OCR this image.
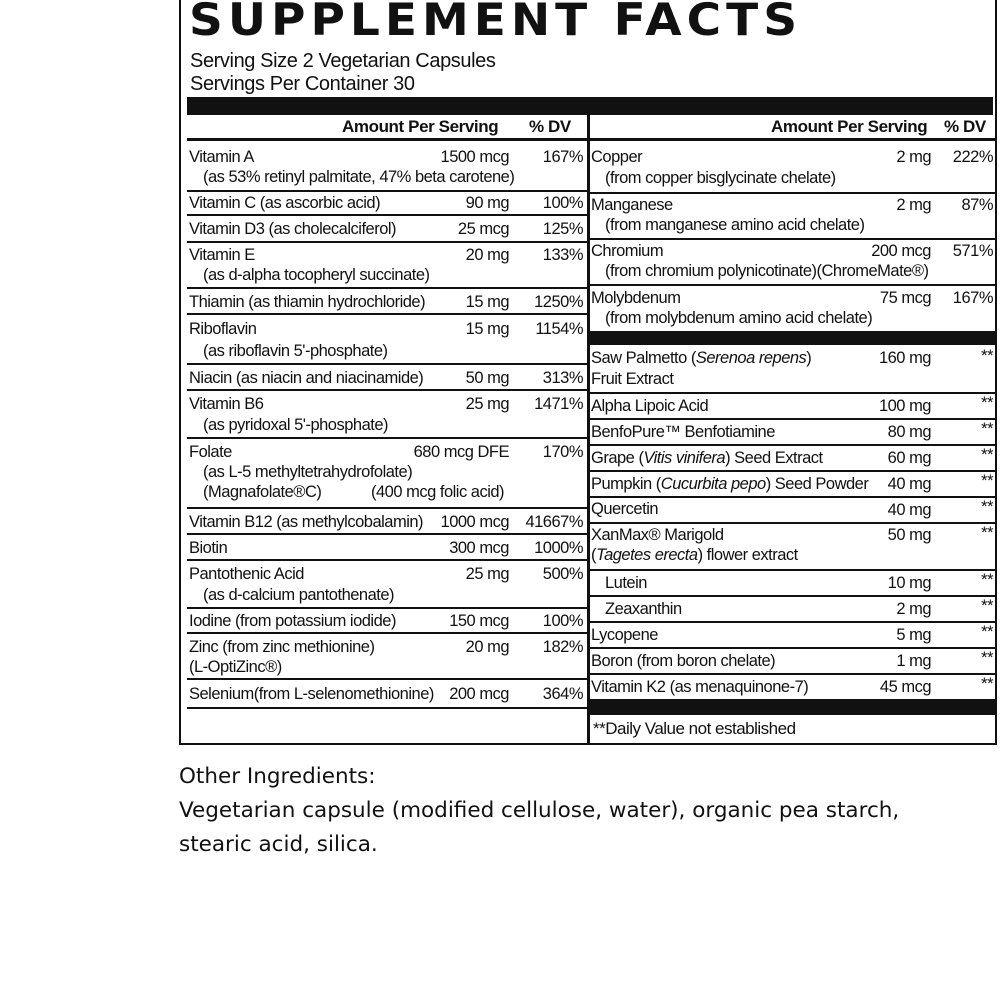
SUPPLEMENT FACTS
Serving Size 2 Vegetarian Capsules
Servings Per Container 30
Amount Per Serving % DV
Vitamin A	1500 mcg 167%
(as 53% retinyl palmitate, 47% beta carotene)
Vitamin C (as ascorbic acid)	90 mg 100%
Vitamin D3 (as cholecalciferol)	25 mcg 125%
Vitamin E	20 mg 133%
(as d-alpha tocopheryl succinate)
Thiamin (as thiamin hydrochloride) 15 mg 1250%
Riboflavin	15 mg 1154%
(as riboflavin 5'-phosphate)
Niacin (as niacin and niacinamide)	50 mg 313%
Vitamin B6	25 mg 1471%
(as pyridoxal 5'-phosphate)
Folate	680 mcg DFE 170%
(as L-5 methyltetrahydrofolate)
(Magnafolate®C)	(400 mcg folic acid)
Vitamin B12 (as methylcobalamin) 1000 mcg 41667%
Biotin	300 mcg 1000%
Pantothenic Acid	25 mg 500%
(as d-calcium pantothenate)
Iodine (from potassium iodide)	150 mcg 100%
Zinc (from zinc methionine)	20 mg 182%
(L-OptiZinc®)
Selenium(from L-selenomethionine) 200 mcg 364%
Amount Per Serving % DV
Copper	2 mg 222%
(from copper bisglycinate chelate)
Manganese	2 mg 87%
(from manganese amino acid chelate)
Chromium	200 mcg 571%
(from chromium polynicotinate)(ChromeMate®)
Molybdenum	75 mcg 167%
(from molybdenum amino acid chelate)
Saw Palmetto (Serenoa repens)	160 mg	**
Fruit Extract
Alpha Lipoic Acid	100 mg	**
BenfoPure™ Benfotiamine	80 mg	**
Grape (Vitis vinifera) Seed Extract	60 mg	**
Pumpkin (Cucurbita pepo) Seed Powder 40 mg	**
Quercetin	40 mg	**
XanMax® Marigold	50 mg	**
(Tagetes erecta) flower extract
Lutein	10 mg	**
Zeaxanthin	2 mg	**
Lycopene	5 mg	**
Boron (from boron chelate)	1 mg	**
Vitamin K2 (as menaquinone-7)	45 mcg	**
**Daily Value not established
Other Ingredients:
Vegetarian capsule (modified cellulose, water), organic pea starch,
stearic acid, silica.
